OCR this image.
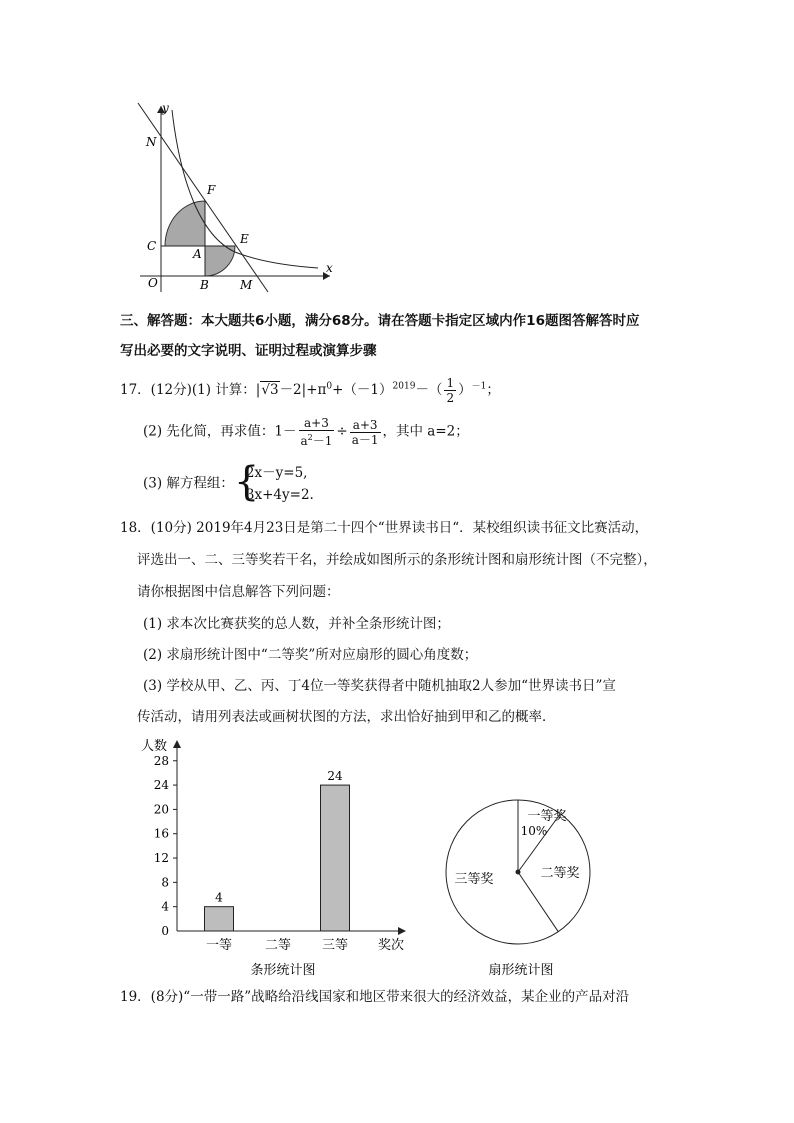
y
x
N
F
C
A
E
O	B	M
三、解答题：本大题共6小题，满分68分。请在答题卡指定区域内作16题图答解答时应
写出必要的文字说明、证明过程或演算步骤
17．(12分)(1) 计算：$|√3-2|+\pi^0+(-1)^{2019}-( \frac{1}{2} )^{-1}$；
(2) 先化简，再求值：$1- \frac{a+3}{a^2-1} \div \frac{a+3}{a-1}$ ，其中 a=2；
(3) 解方程组： {
2x－y=5,
3x+4y=2.
18．(10分) 2019年4月23日是第二十四个“世界读书日“．某校组织读书征文比赛活动，
评选出一、二、三等奖若干名，并绘成如图所示的条形统计图和扇形统计图（不完整），
请你根据图中信息解答下列问题：
(1) 求本次比赛获奖的总人数，并补全条形统计图；
(2) 求扇形统计图中“二等奖”所对应扇形的圆心角度数；
(3) 学校从甲、乙、丙、丁4位一等奖获得者中随机抽取2人参加“世界读书日”宣
传活动，请用列表法或画树状图的方法，求出恰好抽到甲和乙的概率．
人数
奖次
0
4
8
12
16
20
24
28
4
一等	二等
24
三等
条形统计图
一等奖
10%
二等奖
三等奖
扇形统计图
19．(8分)“一带一路”战略给沿线国家和地区带来很大的经济效益，某企业的产品对沿
